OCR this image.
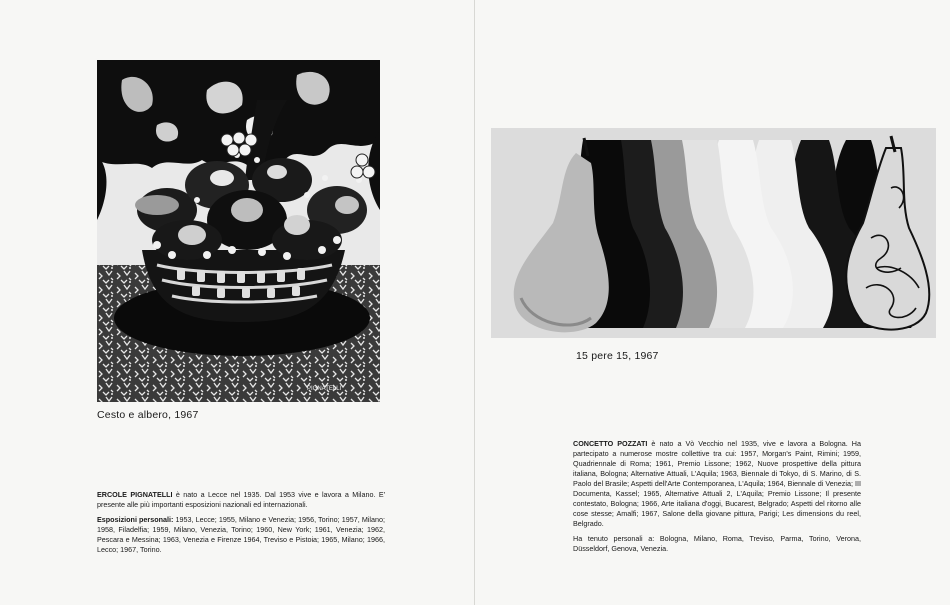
PIGNATELLI
Cesto e albero, 1967

ERCOLE PIGNATELLI è nato a Lecce nel 1935. Dal 1953 vive e lavora a Milano. E' presente alle più importanti esposizioni nazionali ed internazionali.

Esposizioni personali: 1953, Lecce; 1955, Milano e Venezia; 1956, Torino; 1957, Milano; 1958, Filadelfia; 1959, Milano, Venezia, Torino; 1960, New York; 1961, Venezia; 1962, Pescara e Messina; 1963, Venezia e Firenze 1964, Treviso e Pistoia; 1965, Milano; 1966, Lecco; 1967, Torino.

15 pere 15, 1967

CONCETTO POZZATI è nato a Vò Vecchio nel 1935, vive e lavora a Bologna. Ha partecipato a numerose mostre collettive tra cui: 1957, Morgan's Paint, Rimini; 1959, Quadriennale di Roma; 1961, Premio Lissone; 1962, Nuove prospettive della pittura italiana, Bologna; Alternative Attuali, L'Aquila; 1963, Biennale di Tokyo, di S. Marino, di S. Paolo del Brasile; Aspetti dell'Arte Contemporanea, L'Aquila; 1964, Biennale di Venezia; III Documenta, Kassel; 1965, Alternative Attuali 2, L'Aquila; Premio Lissone; Il presente contestato, Bologna; 1966, Arte italiana d'oggi, Bucarest, Belgrado; Aspetti del ritorno alle cose stesse; Amalfi; 1967, Salone della giovane pittura, Parigi; Les dimensions du reel, Belgrado.

Ha tenuto personali a: Bologna, Milano, Roma, Treviso, Parma, Torino, Verona, Düsseldorf, Genova, Venezia.
